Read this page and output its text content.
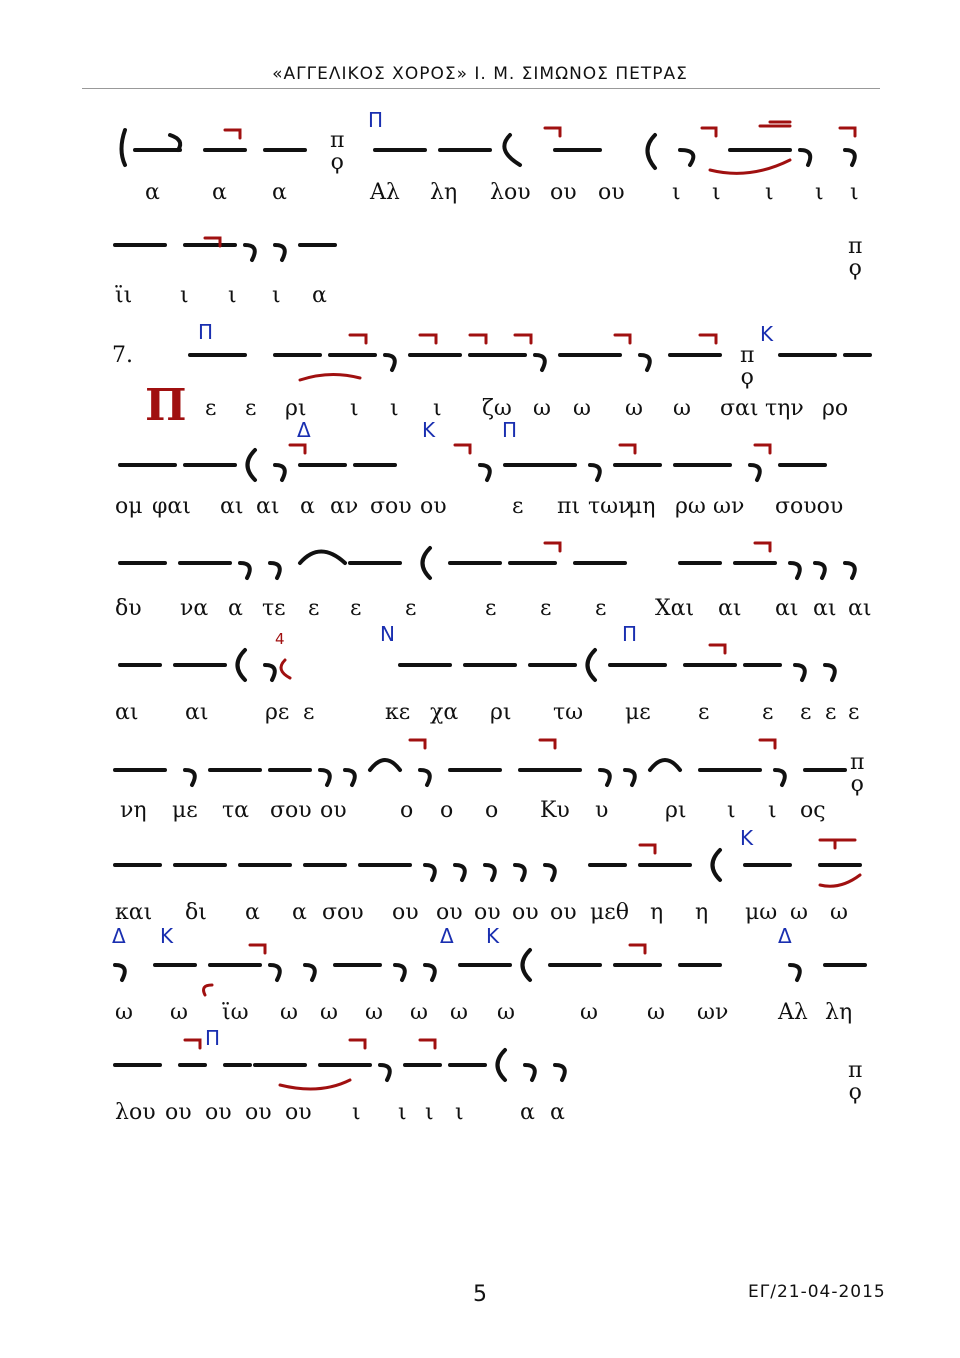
«ΑΓΓΕΛΙΚΟΣ ΧΟΡΟΣ» Ι. Μ. ΣΙΜΩΝΟΣ ΠΕΤΡΑΣ
7.
Π
Π
Π	Κ
Δ	Κ	Π
Ν	Π
Κ
Δ Κ	Δ Κ	Δ
Π
4
π
ϙ
π
ϙ
π
ϙ
π
ϙ
π
ϙ
α α α	Αλ λη λου ου ου ι ι ι ι ι
ϊι ι ι ι α
ε ε ρι ι ι ι ζω ω ω ω ω σαι την ρο
ομ φαι αι αι α αν σου ου	ε πι των
μη ρω ων σουου
δυ να α τε ε ε ε	ε ε ε Χαι αι αι αι αι
αι αι	ρε ε	κε χα ρι τω με ε ε ε ε ε
νη με τα σου ου ο ο ο Κυ υ	ρι ι ι ος
και δι α α σου ου ου ου ου ου μεθ η η μω ω ω
ω ω ϊω ω ω ω ω ω ω	ω ω ων Αλ λη
λου ου ου ου ου ι ι ι ι	α α
5	ΕΓ/21-04-2015
